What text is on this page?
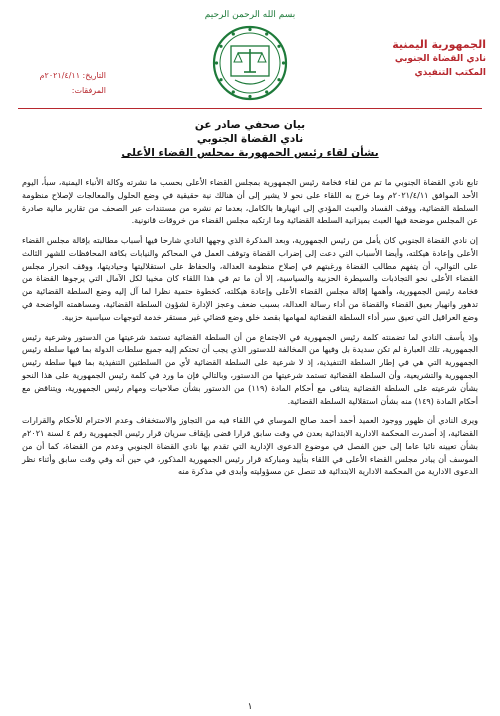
بسم الله الرحمن الرحيم
الجمهورية اليمنية
نادي القضاة الجنوبي
المكتب التنفيذي
التاريخ: ٢٠٢١/٤/١١م
المرفقات:
بيان صحفي صادر عن
نادي القضاة الجنوبي
بشأن لقاء رئيس الجمهورية بمجلس القضاء الأعلى

تابع نادي القضاة الجنوبي ما تم من لقاء فخامة رئيس الجمهورية بمجلس القضاء الأعلى بحسب ما نشرته وكالة الأنباء اليمنية، سبأ، اليوم الأحد الموافق ٢٠٢١/٤/١١م وما خرج به اللقاء على نحو لا يشير إلى أن هنالك نية حقيقية في وضع الحلول والمعالجات لإصلاح منظومة السلطة القضائية، ووقف الفساد والعبث المؤدي إلى انهيارها بالكامل، بعدما تم نشره من مستندات عبر الصحف من تقارير مالية صادرة عن المجلس موضحة فيها العبث بميزانية السلطة القضائية وما ارتكبه مجلس القضاء من خروقات قانونية.

إن نادي القضاة الجنوبي كان يأمل من رئيس الجمهورية، وبعد المذكرة الذي وجهها النادي شارحا فيها أسباب مطالبته بإقالة مجلس القضاء الأعلى وإعادة هيكلته، وأيضا الأسباب التي دعت إلى إضراب القضاة وتوقف العمل في المحاكم والنيابات بكافة المحافظات للشهر الثالث على التوالي، أن يتفهم مطالب القضاة ورغبتهم في إصلاح منظومة العدالة، والحفاظ على استقلاليتها وحياديتها، ووقف انجرار مجلس القضاء الأعلى نحو التجاذبات والسيطرة الحزبية والسياسية، إلا أن ما تم في هذا اللقاء كان مخيبا لكل الآمال التي يرجوها القضاة من فخامة رئيس الجمهورية، وأهمها إقالة مجلس القضاء الأعلى وإعادة هيكلته، كخطوة حتمية نظرا لما آل إليه وضع السلطة القضائية من تدهور وانهيار بعيق القضاء والقضاة من أداء رسالة العدالة، بسبب ضعف وعجز الإدارة لشؤون السلطة القضائية، ومساهمته الواضحة في وضع العراقيل التي تعيق سير أداء السلطة القضائية لمهامها بقصد خلق وضع قضائي غير مستقر خدمة لتوجهات سياسية حزبية.

وإذ يأسف النادي لما تضمنته كلمة رئيس الجمهورية في الاجتماع من أن السلطة القضائية تستمد شرعيتها من الدستور وشرعية رئيس الجمهورية، تلك العبارة لم تكن سديدة بل وفيها من المخالفة للدستور الذي يجب أن تحتكم إليه جميع سلطات الدولة بما فيها سلطة رئيس الجمهورية التي هي في إطار السلطة التنفيذية، إذ لا شرعية على السلطة القضائية لأي من السلطتين التنفيذية بما فيها سلطة رئيس الجمهورية والتشريعية، وأن السلطة القضائية تستمد شرعيتها من الدستور، وبالتالي فإن ما ورد في كلمة رئيس الجمهورية على هذا النحو بشأن شرعيته على السلطة القضائية يتنافى مع أحكام المادة (١١٩) من الدستور بشأن صلاحيات ومهام رئيس الجمهورية، ويتناقض مع أحكام المادة (١٤٩) منه بشأن استقلالية السلطة القضائية.

ويرى النادي أن ظهور ووجود العميد أحمد أحمد صالح الموساي في اللقاء فيه من التجاوز والاستخفاف وعدم الاحترام للأحكام والقرارات القضائية، إذ أصدرت المحكمة الادارية الابتدائية بعدن في وقت سابق قرارا قضى بإيقاف سريان قرار رئيس الجمهورية رقم ٤ لسنة ٢٠٢١م بشأن تعيينه نائبا عاما إلى حين الفصل في موضوع الدعوى الإدارية التي تقدم بها نادي القضاة الجنوبي وعدم من القضاة، كما أن من الموسف أن يبادر مجلس القضاء الأعلى في اللقاء بتأييد ومباركة قرار رئيس الجمهورية المذكور، في حين أنه وفي وقت سابق وأثناء نظر الدعوى الادارية من المحكمة الادارية الابتدائية قد تنصل عن مسؤوليته وأبدى في مذكرة منه

١
